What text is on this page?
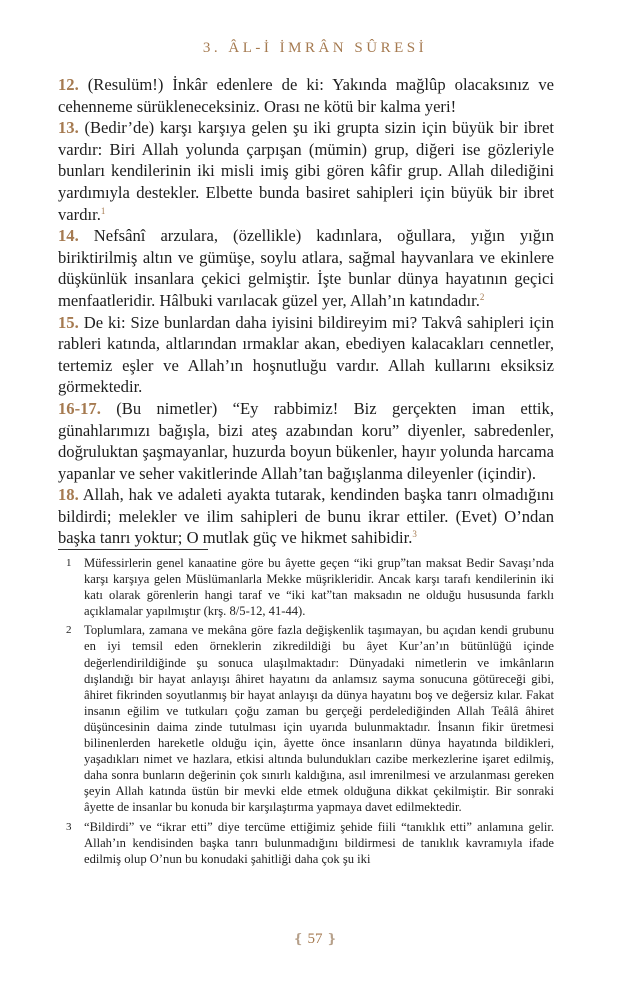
3. ÂL-İ İMRÂN SÛRESİ

12. (Resulüm!) İnkâr edenlere de ki: Yakında mağlûp olacaksınız ve cehenneme sürükleneceksiniz. Orası ne kötü bir kalma yeri!

13. (Bedir’de) karşı karşıya gelen şu iki grupta sizin için büyük bir ibret vardır: Biri Allah yolunda çarpışan (mümin) grup, diğeri ise gözleriyle bunları kendilerinin iki misli imiş gibi gören kâfir grup. Allah dilediğini yardımıyla destekler. Elbette bunda basiret sahipleri için büyük bir ibret vardır.$^1$

14. Nefsânî arzulara, (özellikle) kadınlara, oğullara, yığın yığın biriktirilmiş altın ve gümüşe, soylu atlara, sağmal hayvanlara ve ekinlere düşkünlük insanlara çekici gelmiştir. İşte bunlar dünya hayatının geçici menfaatleridir. Hâlbuki varılacak güzel yer, Allah’ın katındadır.$^2$

15. De ki: Size bunlardan daha iyisini bildireyim mi? Takvâ sahipleri için rableri katında, altlarından ırmaklar akan, ebediyen kalacakları cennetler, tertemiz eşler ve Allah’ın hoşnutluğu vardır. Allah kullarını eksiksiz görmektedir.

16-17. (Bu nimetler) “Ey rabbimiz! Biz gerçekten iman ettik, günahlarımızı bağışla, bizi ateş azabından koru” diyenler, sabredenler, doğruluktan şaşmayanlar, huzurda boyun bükenler, hayır yolunda harcama yapanlar ve seher vakitlerinde Allah’tan bağışlanma dileyenler (içindir).

18. Allah, hak ve adaleti ayakta tutarak, kendinden başka tanrı olmadığını bildirdi; melekler ve ilim sahipleri de bunu ikrar ettiler. (Evet) O’ndan başka tanrı yoktur; O mutlak güç ve hikmet sahibidir.$^3$

1 Müfessirlerin genel kanaatine göre bu âyette geçen “iki grup”tan maksat Bedir Savaşı’nda karşı karşıya gelen Müslümanlarla Mekke müşrikleridir. Ancak karşı tarafı kendilerinin iki katı olarak görenlerin hangi taraf ve “iki kat”tan maksadın ne olduğu hususunda farklı açıklamalar yapılmıştır (krş. 8/5-12, 41-44).
2 Toplumlara, zamana ve mekâna göre fazla değişkenlik taşımayan, bu açıdan kendi grubunu en iyi temsil eden örneklerin zikredildiği bu âyet Kur’an’ın bütünlüğü içinde değerlendirildiğinde şu sonuca ulaşılmaktadır: Dünyadaki nimetlerin ve imkânların dışlandığı bir hayat anlayışı âhiret hayatını da anlamsız sayma sonucuna götüreceği gibi, âhiret fikrinden soyutlanmış bir hayat anlayışı da dünya hayatını boş ve değersiz kılar. Fakat insanın eğilim ve tutkuları çoğu zaman bu gerçeği perdelediğinden Allah Teâlâ âhiret düşüncesinin daima zinde tutulması için uyarıda bulunmaktadır. İnsanın fikir üretmesi bilinenlerden hareketle olduğu için, âyette önce insanların dünya hayatında bildikleri, yaşadıkları nimet ve hazlara, etkisi altında bulundukları cazibe merkezlerine işaret edilmiş, daha sonra bunların değerinin çok sınırlı kaldığına, asıl imrenilmesi ve arzulanması gereken şeyin Allah katında üstün bir mevki elde etmek olduğuna dikkat çekilmiştir. Bir sonraki âyette de insanlar bu konuda bir karşılaştırma yapmaya davet edilmektedir.
3 “Bildirdi” ve “ikrar etti” diye tercüme ettiğimiz şehide fiili “tanıklık etti” anlamına gelir. Allah’ın kendisinden başka tanrı bulunmadığını bildirmesi de tanıklık kavramıyla ifade edilmiş olup O’nun bu konudaki şahitliği daha çok şu iki
❴ 57 ❵
